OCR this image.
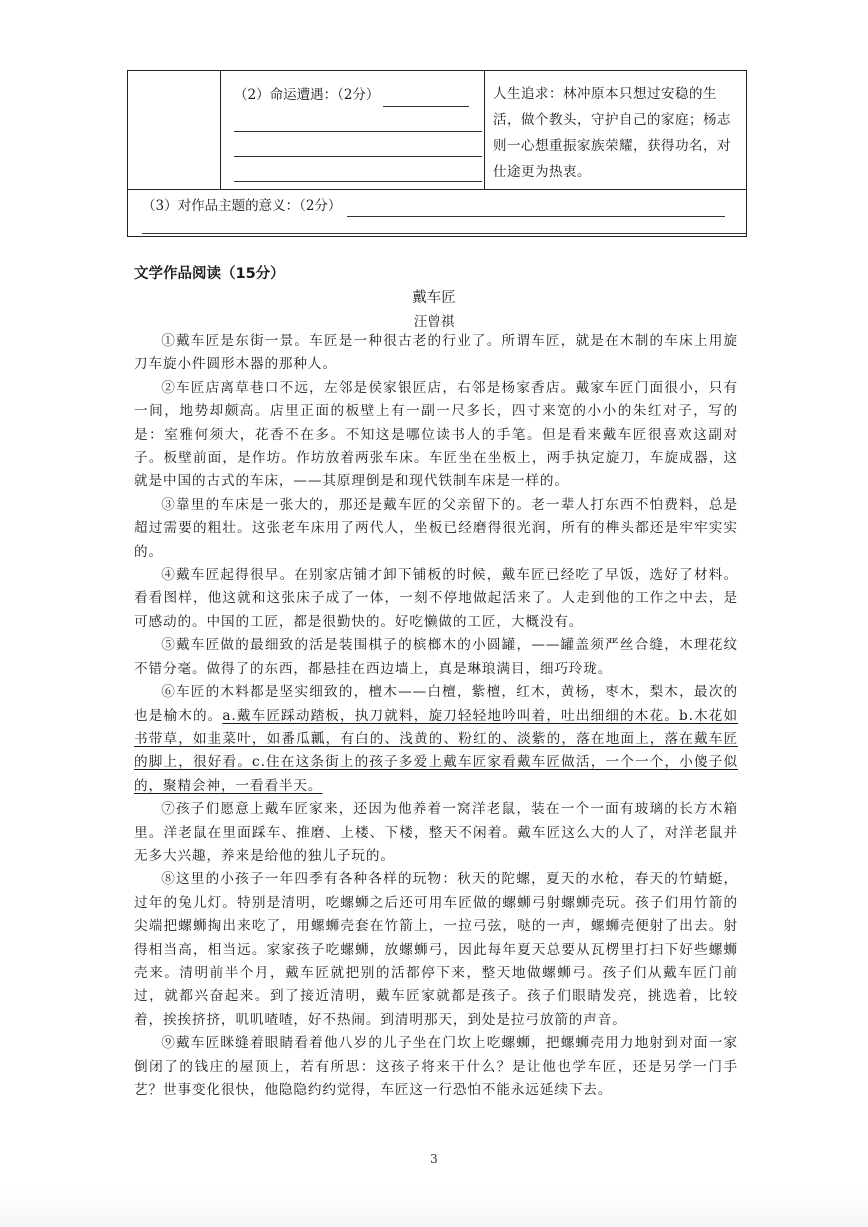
（2）命运遭遇：（2分）	人生追求：林冲原本只想过安稳的生活，做个教头，守护自己的家庭；杨志则一心想重振家族荣耀，获得功名，对仕途更为热衷。
（3）对作品主题的意义：（2分）
文学作品阅读（15分）
戴车匠
汪曾祺

①戴车匠是东街一景。车匠是一种很古老的行业了。所谓车匠，就是在木制的车床上用旋刀车旋小件圆形木器的那种人。

②车匠店离草巷口不远，左邻是侯家银匠店，右邻是杨家香店。戴家车匠门面很小，只有一间，地势却颇高。店里正面的板壁上有一副一尺多长，四寸来宽的小小的朱红对子，写的是：室雅何须大，花香不在多。不知这是哪位读书人的手笔。但是看来戴车匠很喜欢这副对子。板壁前面，是作坊。作坊放着两张车床。车匠坐在坐板上，两手执定旋刀，车旋成器，这就是中国的古式的车床，——其原理倒是和现代铁制车床是一样的。

③靠里的车床是一张大的，那还是戴车匠的父亲留下的。老一辈人打东西不怕费料，总是超过需要的粗壮。这张老车床用了两代人，坐板已经磨得很光润，所有的榫头都还是牢牢实实的。

④戴车匠起得很早。在别家店铺才卸下铺板的时候，戴车匠已经吃了早饭，选好了材料。看看图样，他这就和这张床子成了一体，一刻不停地做起活来了。人走到他的工作之中去，是可感动的。中国的工匠，都是很勤快的。好吃懒做的工匠，大概没有。

⑤戴车匠做的最细致的活是装围棋子的槟榔木的小圆罐，——罐盖须严丝合缝，木理花纹不错分毫。做得了的东西，都悬挂在西边墙上，真是琳琅满目，细巧玲珑。

⑥车匠的木料都是坚实细致的，檀木——白檀，紫檀，红木，黄杨，枣木，梨木，最次的也是榆木的。a.戴车匠踩动踏板，执刀就料，旋刀轻轻地吟叫着，吐出细细的木花。b.木花如书带草，如韭菜叶，如番瓜瓤，有白的、浅黄的、粉红的、淡紫的，落在地面上，落在戴车匠的脚上，很好看。c.住在这条街上的孩子多爱上戴车匠家看戴车匠做活，一个一个，小傻子似的，聚精会神，一看看半天。

⑦孩子们愿意上戴车匠家来，还因为他养着一窝洋老鼠，装在一个一面有玻璃的长方木箱里。洋老鼠在里面踩车、推磨、上楼、下楼，整天不闲着。戴车匠这么大的人了，对洋老鼠并无多大兴趣，养来是给他的独儿子玩的。

⑧这里的小孩子一年四季有各种各样的玩物：秋天的陀螺，夏天的水枪，春天的竹蜻蜓，过年的兔儿灯。特别是清明，吃螺蛳之后还可用车匠做的螺蛳弓射螺蛳壳玩。孩子们用竹箭的尖端把螺蛳掏出来吃了，用螺蛳壳套在竹箭上，一拉弓弦，哒的一声，螺蛳壳便射了出去。射得相当高，相当远。家家孩子吃螺蛳，放螺蛳弓，因此每年夏天总要从瓦楞里打扫下好些螺蛳壳来。清明前半个月，戴车匠就把别的活都停下来，整天地做螺蛳弓。孩子们从戴车匠门前过，就都兴奋起来。到了接近清明，戴车匠家就都是孩子。孩子们眼睛发亮，挑选着，比较着，挨挨挤挤，叽叽喳喳，好不热闹。到清明那天，到处是拉弓放箭的声音。

⑨戴车匠眯缝着眼睛看着他八岁的儿子坐在门坎上吃螺蛳，把螺蛳壳用力地射到对面一家倒闭了的钱庄的屋顶上，若有所思：这孩子将来干什么？是让他也学车匠，还是另学一门手艺？世事变化很快，他隐隐约约觉得，车匠这一行恐怕不能永远延续下去。

3
